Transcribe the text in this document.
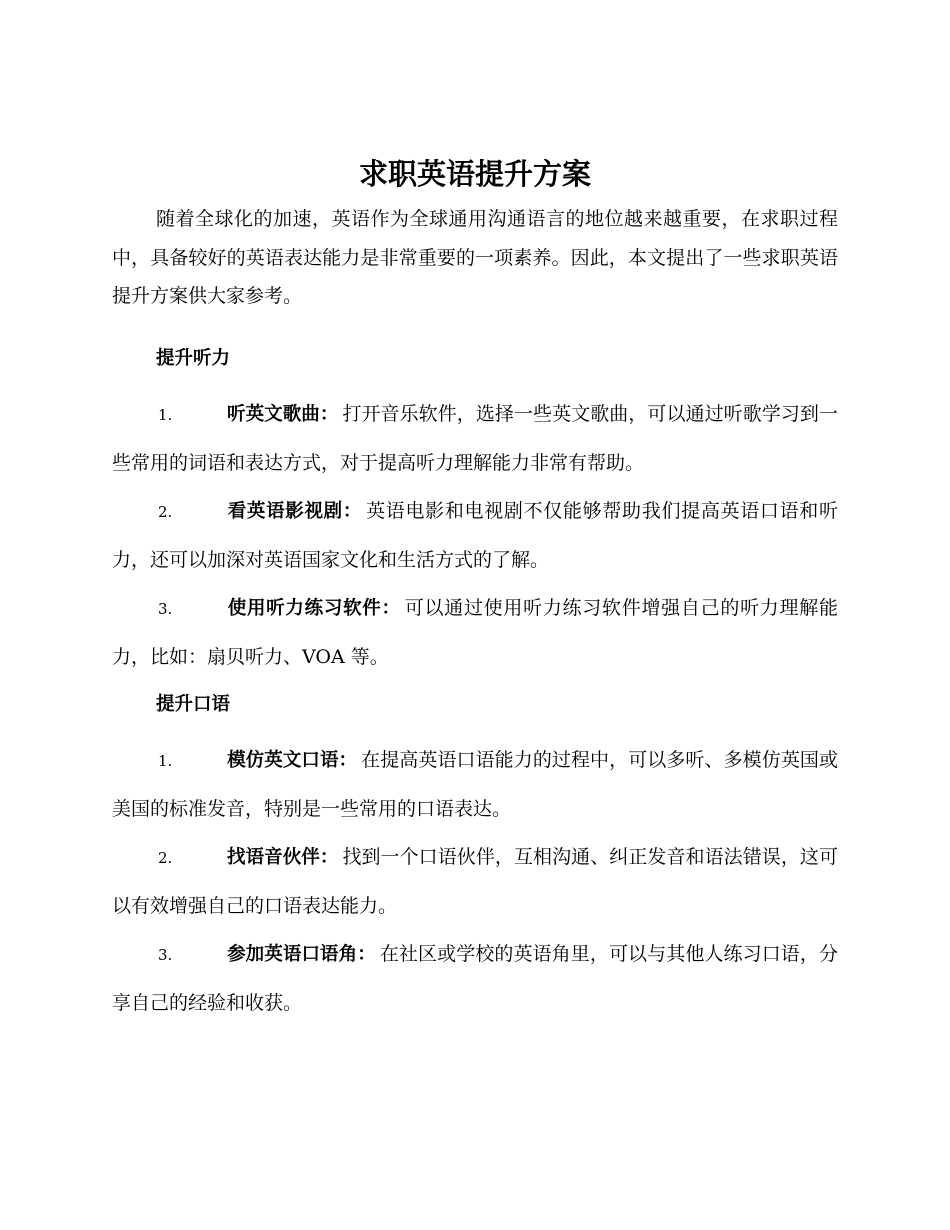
求职英语提升方案

随着全球化的加速，英语作为全球通用沟通语言的地位越来越重要，在求职过程中，具备较好的英语表达能力是非常重要的一项素养。因此，本文提出了一些求职英语提升方案供大家参考。

提升听力

1.	听英文歌曲： 打开音乐软件，选择一些英文歌曲，可以通过听歌学习到一些常用的词语和表达方式，对于提高听力理解能力非常有帮助。

2.	看英语影视剧： 英语电影和电视剧不仅能够帮助我们提高英语口语和听力，还可以加深对英语国家文化和生活方式的了解。

3.	使用听力练习软件： 可以通过使用听力练习软件增强自己的听力理解能力，比如：扇贝听力、VOA 等。

提升口语

1.	模仿英文口语： 在提高英语口语能力的过程中，可以多听、多模仿英国或美国的标准发音，特别是一些常用的口语表达。

2.	找语音伙伴： 找到一个口语伙伴，互相沟通、纠正发音和语法错误，这可以有效增强自己的口语表达能力。

3.	参加英语口语角： 在社区或学校的英语角里，可以与其他人练习口语，分享自己的经验和收获。
